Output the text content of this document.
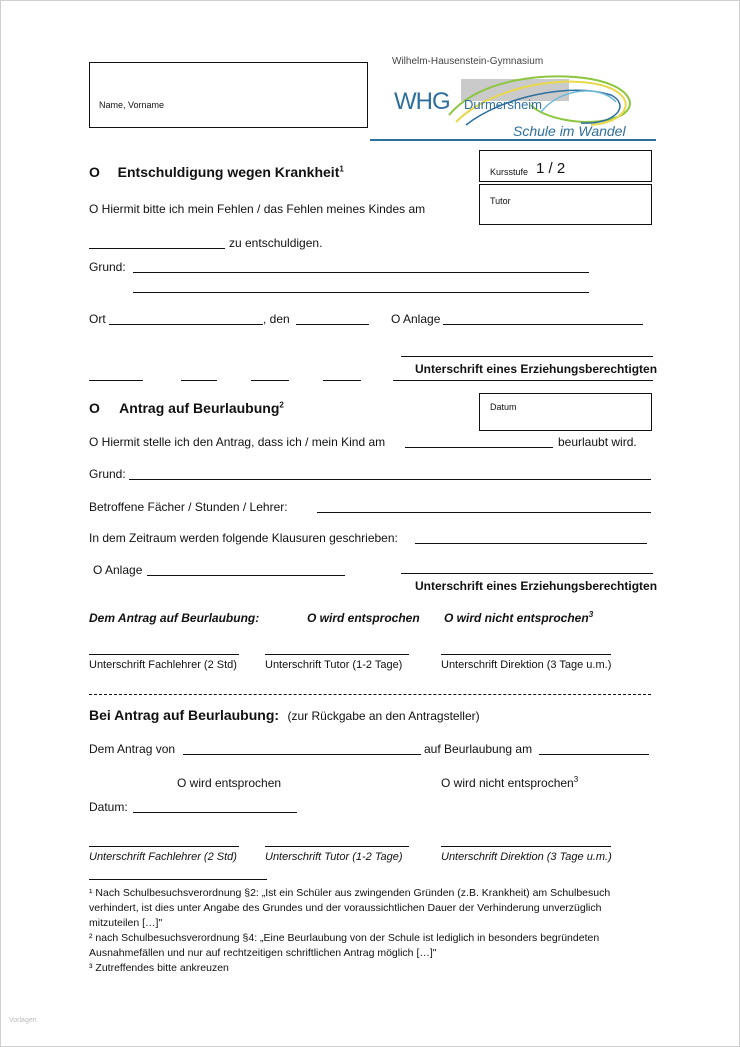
Name, Vorname
Wilhelm-Hausenstein-Gymnasium
WHG Durmersheim
Schule im Wandel
Kursstufe 1 / 2
Tutor
O Entschuldigung wegen Krankheit$^1$
O Hiermit bitte ich mein Fehlen / das Fehlen meines Kindes am
zu entschuldigen.
Grund:
Ort	, den	O Anlage
Unterschrift eines Erziehungsberechtigten
O Antrag auf Beurlaubung$^2$	Datum
O Hiermit stelle ich den Antrag, dass ich / mein Kind am	beurlaubt wird.
Grund:
Betroffene Fächer / Stunden / Lehrer:
In dem Zeitraum werden folgende Klausuren geschrieben:
O Anlage
Unterschrift eines Erziehungsberechtigten
Dem Antrag auf Beurlaubung:	O wird entsprochen O wird nicht entsprochen$^3$
Unterschrift Fachlehrer (2 Std)	Unterschrift Tutor (1-2 Tage)	Unterschrift Direktion (3 Tage u.m.)
Bei Antrag auf Beurlaubung: (zur Rückgabe an den Antragsteller)
Dem Antrag von	auf Beurlaubung am
O wird entsprochen	O wird nicht entsprochen$^3$
Datum:
Unterschrift Fachlehrer (2 Std)	Unterschrift Tutor (1-2 Tage)	Unterschrift Direktion (3 Tage u.m.)
¹ Nach Schulbesuchsverordnung §2: „Ist ein Schüler aus zwingenden Gründen (z.B. Krankheit) am Schulbesuch
verhindert, ist dies unter Angabe des Grundes und der voraussichtlichen Dauer der Verhinderung unverzüglich
mitzuteilen […]"
² nach Schulbesuchsverordnung §4: „Eine Beurlaubung von der Schule ist lediglich in besonders begründeten
Ausnahmefällen und nur auf rechtzeitigen schriftlichen Antrag möglich […]"
³ Zutreffendes bitte ankreuzen
Vorlagen
